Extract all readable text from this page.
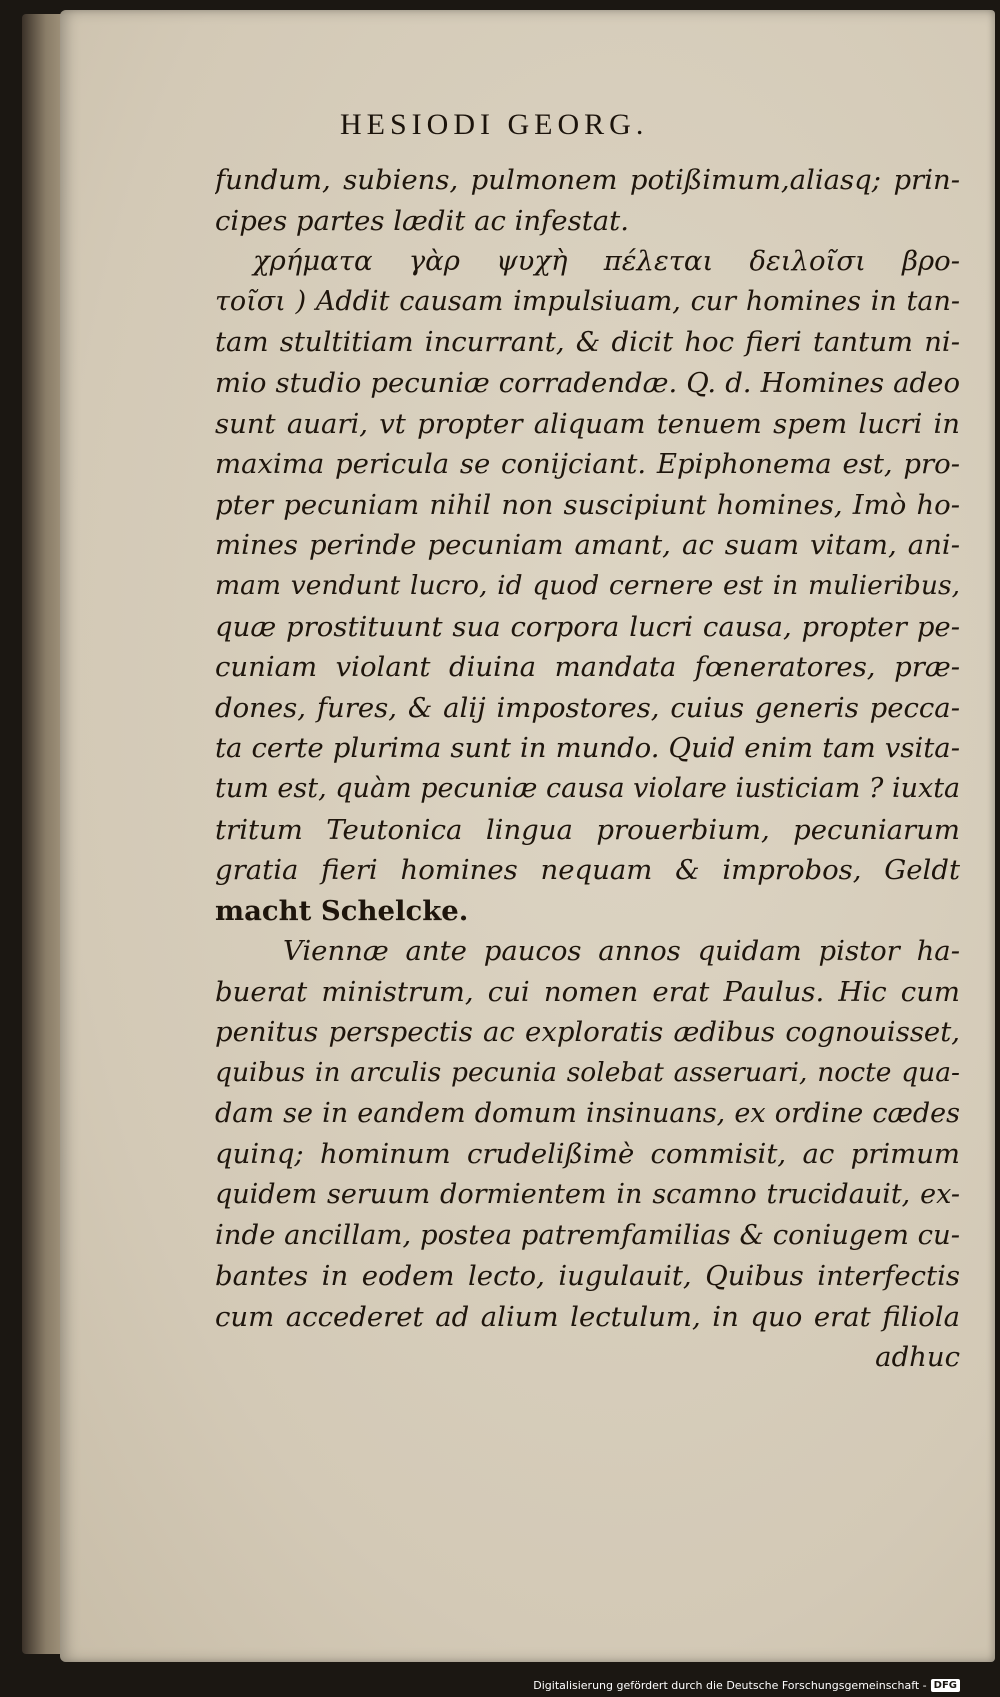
HESIODI GEORG.
fundum, subiens, pulmonem potißimum,aliasq; prin-
cipes partes lædit ac infestat.
χρήματα γὰρ ψυχὴ πέλεται δειλοῖσι βρο-
τοῖσι ) Addit causam impulsiuam, cur homines in tan-
tam stultitiam incurrant, & dicit hoc fieri tantum ni-
mio studio pecuniæ corradendæ. Q. d. Homines adeo
sunt auari, vt propter aliquam tenuem spem lucri in
maxima pericula se conijciant. Epiphonema est, pro-
pter pecuniam nihil non suscipiunt homines, Imò ho-
mines perinde pecuniam amant, ac suam vitam, ani-
mam vendunt lucro, id quod cernere est in mulieribus,
quæ prostituunt sua corpora lucri causa, propter pe-
cuniam violant diuina mandata fœneratores, præ-
dones, fures, & alij impostores, cuius generis pecca-
ta certe plurima sunt in mundo. Quid enim tam vsita-
tum est, quàm pecuniæ causa violare iusticiam ? iuxta
tritum Teutonica lingua prouerbium, pecuniarum
gratia fieri homines nequam & improbos, Geldt
macht Schelcke.
Viennæ ante paucos annos quidam pistor ha-
buerat ministrum, cui nomen erat Paulus. Hic cum
penitus perspectis ac exploratis ædibus cognouisset,
quibus in arculis pecunia solebat asseruari, nocte qua-
dam se in eandem domum insinuans, ex ordine cædes
quinq; hominum crudelißimè commisit, ac primum
quidem seruum dormientem in scamno trucidauit, ex-
inde ancillam, postea patremfamilias & coniugem cu-
bantes in eodem lecto, iugulauit, Quibus interfectis
cum accederet ad alium lectulum, in quo erat filiola
adhuc
Digitalisierung gefördert durch die Deutsche Forschungsgemeinschaft - DFG
